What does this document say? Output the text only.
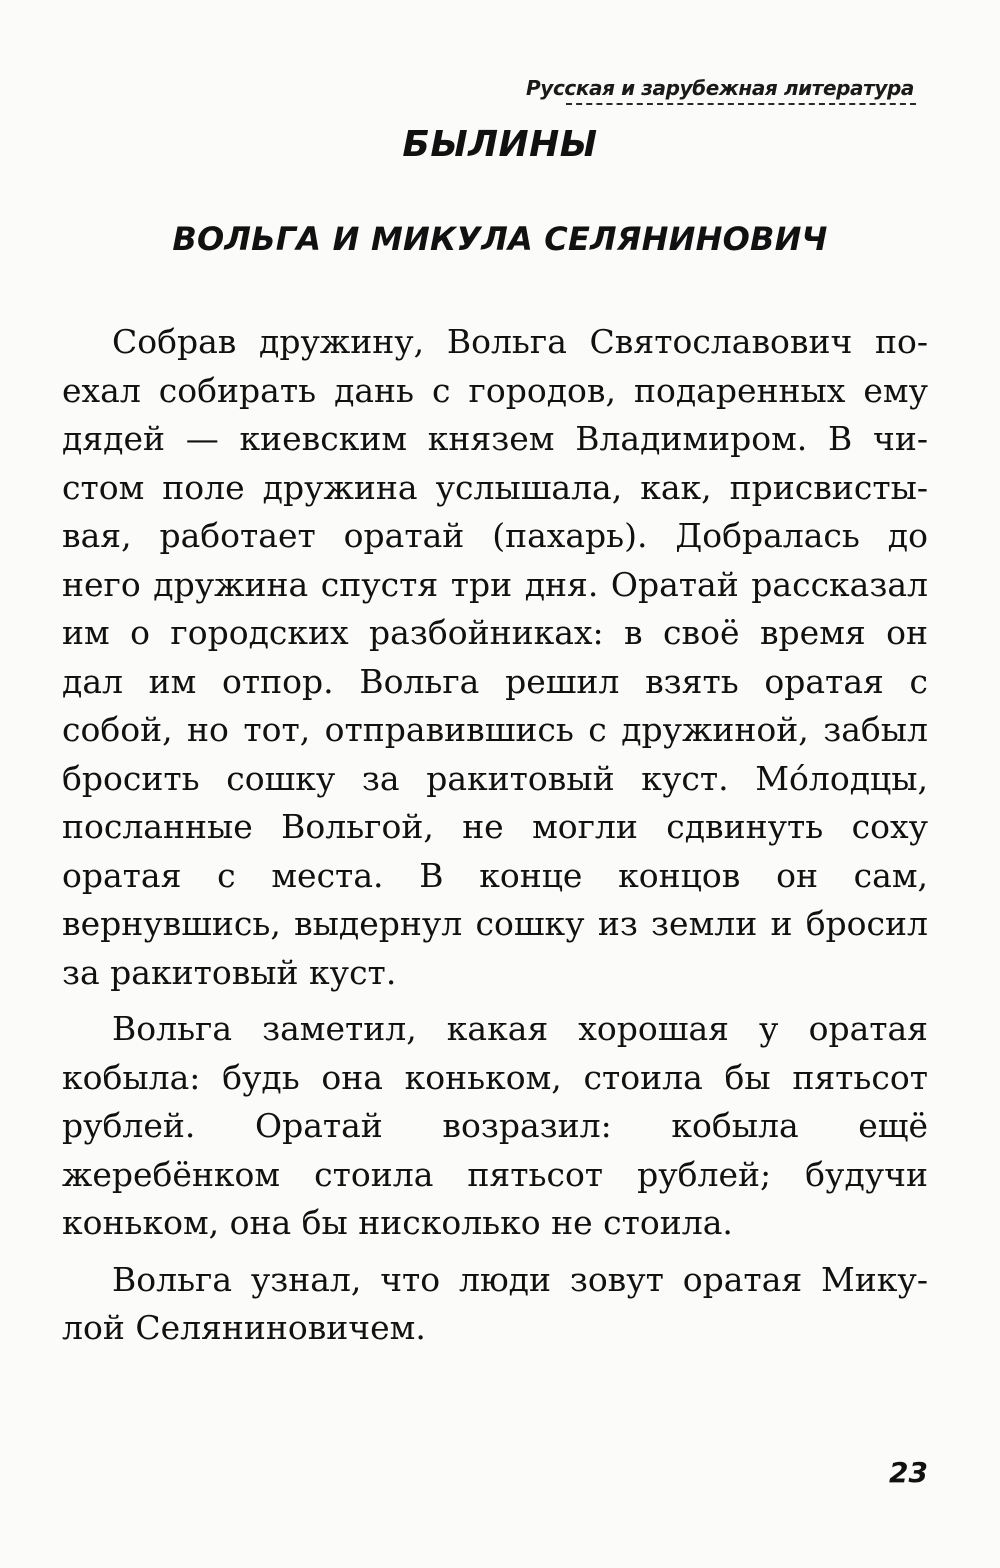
Русская и зарубежная литература
БЫЛИНЫ
ВОЛЬГА И МИКУЛА СЕЛЯНИНОВИЧ

Собрав дружину, Вольга Святославович поехал собирать дань с городов, подаренных ему дядей — киевским князем Владимиром. В чистом поле дружина услышала, как, присвистывая, работает оратай (пахарь). Добралась до него дружина спустя три дня. Оратай рассказал им о городских разбойниках: в своё время он дал им отпор. Вольга решил взять оратая с собой, но тот, отправившись с дружиной, забыл бросить сошку за ракитовый куст. Мо́лодцы, посланные Вольгой, не могли сдвинуть соху оратая с места. В конце концов он сам, вернувшись, выдернул сошку из земли и бросил за ракитовый куст.

Вольга заметил, какая хорошая у оратая кобыла: будь она коньком, стоила бы пятьсот рублей. Оратай возразил: кобыла ещё жеребёнком стоила пятьсот рублей; будучи коньком, она бы нисколько не стоила.

Вольга узнал, что люди зовут оратая Микулой Селяниновичем.

23
